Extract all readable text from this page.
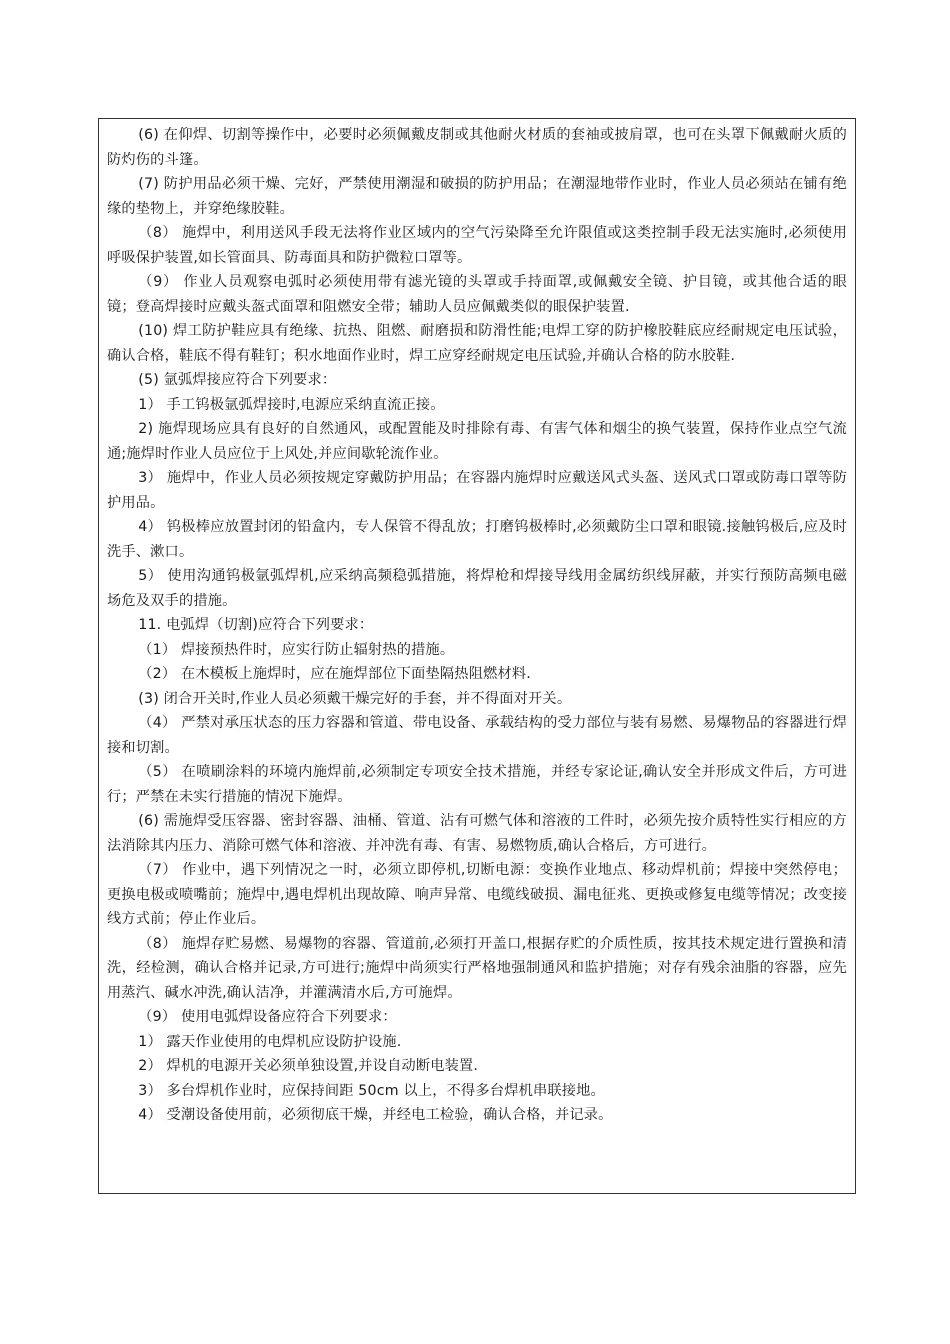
(6) 在仰焊、切割等操作中，必要时必须佩戴皮制或其他耐火材质的套袖或披肩罩，也可在头罩下佩戴耐火质的防灼伤的斗篷。

(7) 防护用品必须干燥、完好，严禁使用潮湿和破损的防护用品；在潮湿地带作业时，作业人员必须站在铺有绝缘的垫物上，并穿绝缘胶鞋。

（8） 施焊中，利用送风手段无法将作业区域内的空气污染降至允许限值或这类控制手段无法实施时,必须使用呼吸保护装置,如长管面具、防毒面具和防护微粒口罩等。

（9） 作业人员观察电弧时必须使用带有滤光镜的头罩或手持面罩,或佩戴安全镜、护目镜，或其他合适的眼镜；登高焊接时应戴头盔式面罩和阻燃安全带；辅助人员应佩戴类似的眼保护装置.

(10) 焊工防护鞋应具有绝缘、抗热、阻燃、耐磨损和防滑性能;电焊工穿的防护橡胶鞋底应经耐规定电压试验，确认合格，鞋底不得有鞋钉；积水地面作业时，焊工应穿经耐规定电压试验,并确认合格的防水胶鞋.

(5) 氩弧焊接应符合下列要求：

1） 手工钨极氩弧焊接时,电源应采纳直流正接。

2) 施焊现场应具有良好的自然通风，或配置能及时排除有毒、有害气体和烟尘的换气装置，保持作业点空气流通;施焊时作业人员应位于上风处,并应间歇轮流作业。

3） 施焊中，作业人员必须按规定穿戴防护用品；在容器内施焊时应戴送风式头盔、送风式口罩或防毒口罩等防护用品。

4） 钨极棒应放置封闭的铅盒内，专人保管不得乱放；打磨钨极棒时,必须戴防尘口罩和眼镜.接触钨极后,应及时洗手、漱口。

5） 使用沟通钨极氩弧焊机,应采纳高频稳弧措施，将焊枪和焊接导线用金属纺织线屏蔽，并实行预防高频电磁场危及双手的措施。

11. 电弧焊（切割)应符合下列要求：

（1） 焊接预热件时，应实行防止辐射热的措施。

（2） 在木模板上施焊时，应在施焊部位下面垫隔热阻燃材料.

(3) 闭合开关时,作业人员必须戴干燥完好的手套，并不得面对开关。

（4） 严禁对承压状态的压力容器和管道、带电设备、承载结构的受力部位与装有易燃、易爆物品的容器进行焊接和切割。

（5） 在喷刷涂料的环境内施焊前,必须制定专项安全技术措施，并经专家论证,确认安全并形成文件后，方可进行；严禁在未实行措施的情况下施焊。

(6) 需施焊受压容器、密封容器、油桶、管道、沾有可燃气体和溶液的工件时，必须先按介质特性实行相应的方法消除其内压力、消除可燃气体和溶液、并冲洗有毒、有害、易燃物质,确认合格后，方可进行。

（7） 作业中，遇下列情况之一时，必须立即停机,切断电源：变换作业地点、移动焊机前；焊接中突然停电；更换电极或喷嘴前；施焊中,遇电焊机出现故障、响声异常、电缆线破损、漏电征兆、更换或修复电缆等情况；改变接线方式前；停止作业后。

（8） 施焊存贮易燃、易爆物的容器、管道前,必须打开盖口,根据存贮的介质性质，按其技术规定进行置换和清洗，经检测，确认合格并记录,方可进行;施焊中尚须实行严格地强制通风和监护措施；对存有残余油脂的容器，应先用蒸汽、碱水冲洗,确认洁净，并灌满清水后,方可施焊。

（9） 使用电弧焊设备应符合下列要求：

1） 露天作业使用的电焊机应设防护设施.

2） 焊机的电源开关必须单独设置,并设自动断电装置.

3） 多台焊机作业时，应保持间距 50cm 以上，不得多台焊机串联接地。

4） 受潮设备使用前，必须彻底干燥，并经电工检验，确认合格，并记录。
